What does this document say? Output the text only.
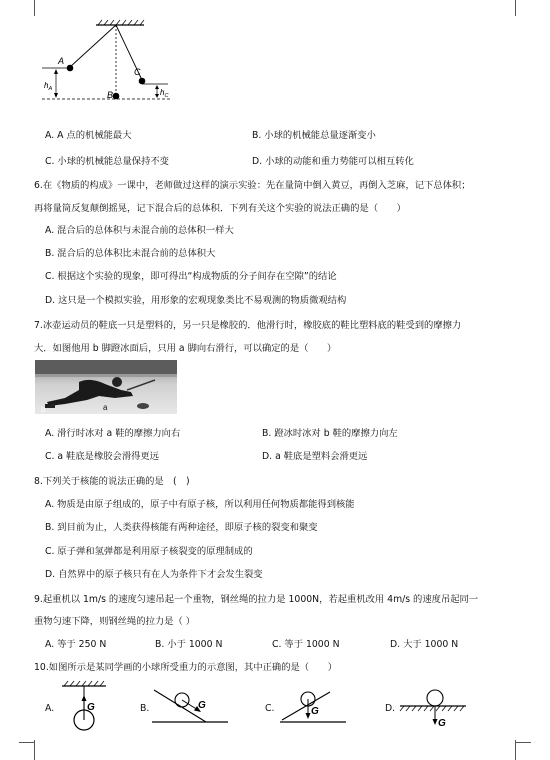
A
B
C
$h_A$	$h_C$
A. A 点的机械能最大	B. 小球的机械能总量逐渐变小
C. 小球的机械能总量保持不变	D. 小球的动能和重力势能可以相互转化
6.在《物质的构成》一课中，老师做过这样的演示实验：先在量筒中倒入黄豆，再倒入芝麻，记下总体积；
再将量筒反复颠倒摇晃，记下混合后的总体积．下列有关这个实验的说法正确的是（　　）
A. 混合后的总体积与未混合前的总体积一样大
B. 混合后的总体积比未混合前的总体积大
C. 根据这个实验的现象，即可得出“构成物质的分子间存在空隙”的结论
D. 这只是一个模拟实验，用形象的宏观现象类比不易观测的物质微观结构
7.冰壶运动员的鞋底一只是塑料的，另一只是橡胶的．他滑行时，橡胶底的鞋比塑料底的鞋受到的摩擦力
大．如图他用 b 脚蹬冰面后，只用 a 脚向右滑行，可以确定的是（　　）
b	a
A. 滑行时冰对 a 鞋的摩擦力向右	B. 蹬冰时冰对 b 鞋的摩擦力向左
C. a 鞋底是橡胶会滑得更远	D. a 鞋底是塑料会滑更远
8.下列关于核能的说法正确的是　(　)
A. 物质是由原子组成的，原子中有原子核，所以利用任何物质都能得到核能
B. 到目前为止，人类获得核能有两种途径，即原子核的裂变和聚变
C. 原子弹和氢弹都是利用原子核裂变的原理制成的
D. 自然界中的原子核只有在人为条件下才会发生裂变
9.起重机以 1m/s 的速度匀速吊起一个重物，钢丝绳的拉力是 1000N，若起重机改用 4m/s 的速度吊起同一
重物匀速下降，则钢丝绳的拉力是（ ）
A. 等于 250 N	B. 小于 1000 N	C. 等于 1000 N	D. 大于 1000 N
10.如图所示是某同学画的小球所受重力的示意图，其中正确的是（　　）
A.	G	B.	G	C.	G	D.
G
